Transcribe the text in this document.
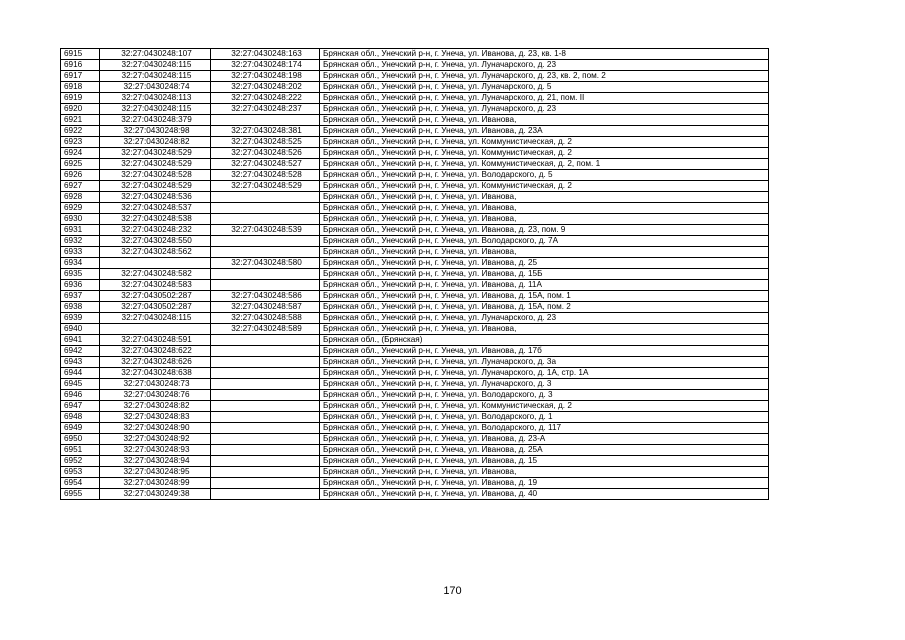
6915	32:27:0430248:107	32:27:0430248:163	Брянская обл., Унечский р-н, г. Унеча, ул. Иванова, д. 23, кв. 1-8
6916	32:27:0430248:115	32:27:0430248:174	Брянская обл., Унечский р-н, г. Унеча, ул. Луначарского, д. 23
6917	32:27:0430248:115	32:27:0430248:198	Брянская обл., Унечский р-н, г. Унеча, ул. Луначарского, д. 23, кв. 2, пом. 2
6918	32:27:0430248:74	32:27:0430248:202	Брянская обл., Унечский р-н, г. Унеча, ул. Луначарского, д. 5
6919	32:27:0430248:113	32:27:0430248:222	Брянская обл., Унечский р-н, г. Унеча, ул. Луначарского, д. 21, пом. II
6920	32:27:0430248:115	32:27:0430248:237	Брянская обл., Унечский р-н, г. Унеча, ул. Луначарского, д. 23
6921	32:27:0430248:379		Брянская обл., Унечский р-н, г. Унеча, ул. Иванова,
6922	32:27:0430248:98	32:27:0430248:381	Брянская обл., Унечский р-н, г. Унеча, ул. Иванова, д. 23А
6923	32:27:0430248:82	32:27:0430248:525	Брянская обл., Унечский р-н, г. Унеча, ул. Коммунистическая, д. 2
6924	32:27:0430248:529	32:27:0430248:526	Брянская обл., Унечский р-н, г. Унеча, ул. Коммунистическая, д. 2
6925	32:27:0430248:529	32:27:0430248:527	Брянская обл., Унечский р-н, г. Унеча, ул. Коммунистическая, д. 2, пом. 1
6926	32:27:0430248:528	32:27:0430248:528	Брянская обл., Унечский р-н, г. Унеча, ул. Володарского, д. 5
6927	32:27:0430248:529	32:27:0430248:529	Брянская обл., Унечский р-н, г. Унеча, ул. Коммунистическая, д. 2
6928	32:27:0430248:536		Брянская обл., Унечский р-н, г. Унеча, ул. Иванова,
6929	32:27:0430248:537		Брянская обл., Унечский р-н, г. Унеча, ул. Иванова,
6930	32:27:0430248:538		Брянская обл., Унечский р-н, г. Унеча, ул. Иванова,
6931	32:27:0430248:232	32:27:0430248:539	Брянская обл., Унечский р-н, г. Унеча, ул. Иванова, д. 23, пом. 9
6932	32:27:0430248:550		Брянская обл., Унечский р-н, г. Унеча, ул. Володарского, д. 7А
6933	32:27:0430248:562		Брянская обл., Унечский р-н, г. Унеча, ул. Иванова,
6934		32:27:0430248:580	Брянская обл., Унечский р-н, г. Унеча, ул. Иванова, д. 25
6935	32:27:0430248:582		Брянская обл., Унечский р-н, г. Унеча, ул. Иванова, д. 15Б
6936	32:27:0430248:583		Брянская обл., Унечский р-н, г. Унеча, ул. Иванова, д. 11А
6937	32:27:0430502:287	32:27:0430248:586	Брянская обл., Унечский р-н, г. Унеча, ул. Иванова, д. 15А, пом. 1
6938	32:27:0430502:287	32:27:0430248:587	Брянская обл., Унечский р-н, г. Унеча, ул. Иванова, д. 15А, пом. 2
6939	32:27:0430248:115	32:27:0430248:588	Брянская обл., Унечский р-н, г. Унеча, ул. Луначарского, д. 23
6940		32:27:0430248:589	Брянская обл., Унечский р-н, г. Унеча, ул. Иванова,
6941	32:27:0430248:591		Брянская обл., (Брянская)
6942	32:27:0430248:622		Брянская обл., Унечский р-н, г. Унеча, ул. Иванова, д. 17б
6943	32:27:0430248:626		Брянская обл., Унечский р-н, г. Унеча, ул. Луначарского, д. 3а
6944	32:27:0430248:638		Брянская обл., Унечский р-н, г. Унеча, ул. Луначарского, д. 1А, стр. 1А
6945	32:27:0430248:73		Брянская обл., Унечский р-н, г. Унеча, ул. Луначарского, д. 3
6946	32:27:0430248:76		Брянская обл., Унечский р-н, г. Унеча, ул. Володарского, д. 3
6947	32:27:0430248:82		Брянская обл., Унечский р-н, г. Унеча, ул. Коммунистическая, д. 2
6948	32:27:0430248:83		Брянская обл., Унечский р-н, г. Унеча, ул. Володарского, д. 1
6949	32:27:0430248:90		Брянская обл., Унечский р-н, г. Унеча, ул. Володарского, д. 117
6950	32:27:0430248:92		Брянская обл., Унечский р-н, г. Унеча, ул. Иванова, д. 23-А
6951	32:27:0430248:93		Брянская обл., Унечский р-н, г. Унеча, ул. Иванова, д. 25А
6952	32:27:0430248:94		Брянская обл., Унечский р-н, г. Унеча, ул. Иванова, д. 15
6953	32:27:0430248:95		Брянская обл., Унечский р-н, г. Унеча, ул. Иванова,
6954	32:27:0430248:99		Брянская обл., Унечский р-н, г. Унеча, ул. Иванова, д. 19
6955	32:27:0430249:38		Брянская обл., Унечский р-н, г. Унеча, ул. Иванова, д. 40
170
